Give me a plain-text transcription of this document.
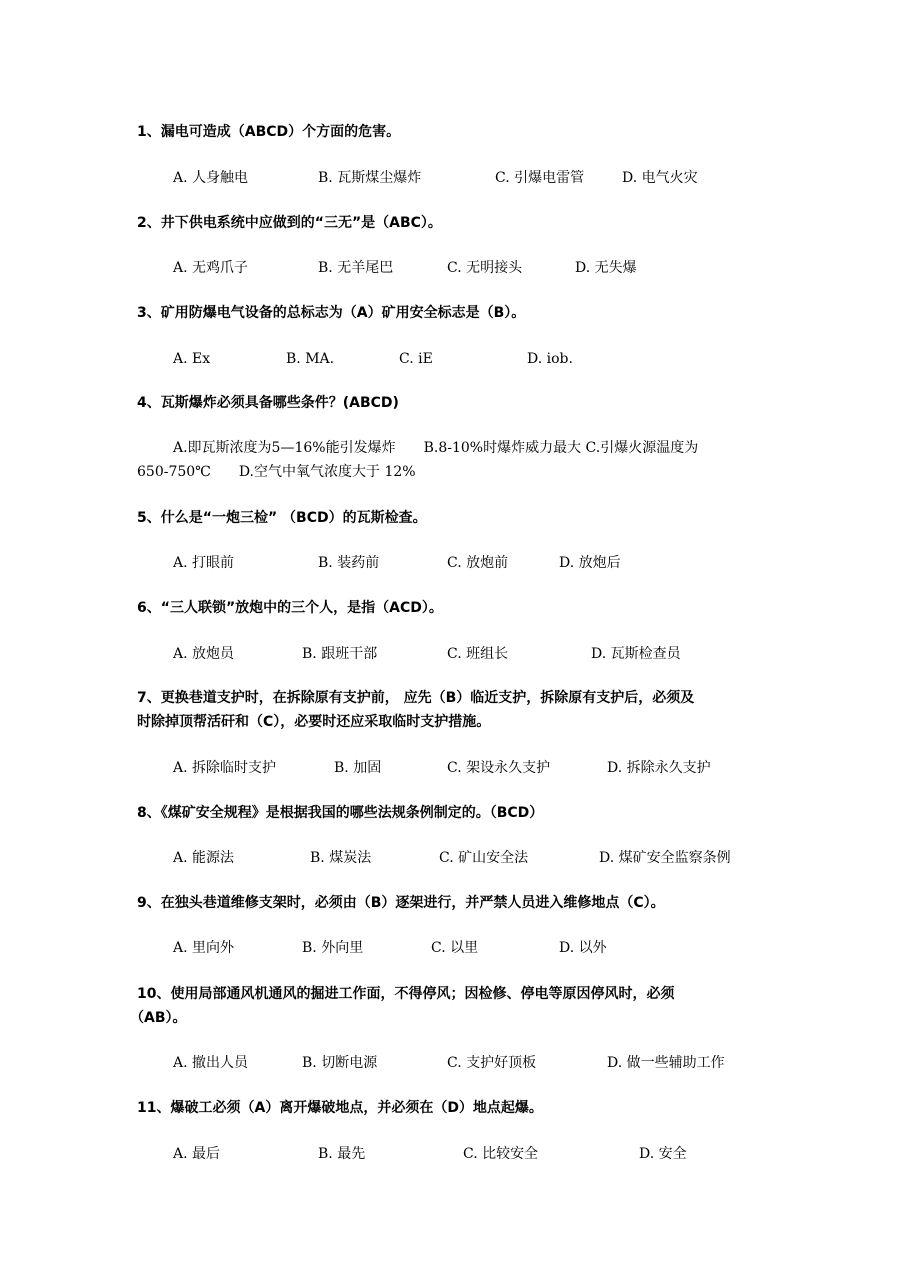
1、漏电可造成（ABCD）个方面的危害。
A. 人身触电	B. 瓦斯煤尘爆炸	C. 引爆电雷管	D. 电气火灾
2、井下供电系统中应做到的“三无”是（ABC）。
A. 无鸡爪子	B. 无羊尾巴	C. 无明接头	D. 无失爆
3、矿用防爆电气设备的总标志为（A）矿用安全标志是（B）。
A. Ex	B. MA.	C. iE	D. iob.
4、瓦斯爆炸必须具备哪些条件？(ABCD)
A.即瓦斯浓度为5—16%能引发爆炸　　B.8-10%时爆炸威力最大 C.引爆火源温度为
650-750℃　　D.空气中氧气浓度大于 12%
5、什么是“一炮三检” （BCD）的瓦斯检查。
A. 打眼前	B. 装药前	C. 放炮前	D. 放炮后
6、“三人联锁”放炮中的三个人，是指（ACD）。
A. 放炮员	B. 跟班干部	C. 班组长	D. 瓦斯检查员
7、更换巷道支护时，在拆除原有支护前， 应先（B）临近支护，拆除原有支护后，必须及
时除掉顶帮活矸和（C），必要时还应采取临时支护措施。
A. 拆除临时支护	B. 加固	C. 架设永久支护	D. 拆除永久支护
8、《煤矿安全规程》是根据我国的哪些法规条例制定的。（BCD）
A. 能源法	B. 煤炭法	C. 矿山安全法	D. 煤矿安全监察条例
9、在独头巷道维修支架时，必须由（B）逐架进行，并严禁人员进入维修地点（C）。
A. 里向外	B. 外向里	C. 以里	D. 以外
10、使用局部通风机通风的掘进工作面，不得停风；因检修、停电等原因停风时，必须
（AB）。
A. 撤出人员	B. 切断电源	C. 支护好顶板	D. 做一些辅助工作
11、爆破工必须（A）离开爆破地点，并必须在（D）地点起爆。
A. 最后	B. 最先	C. 比较安全	D. 安全
